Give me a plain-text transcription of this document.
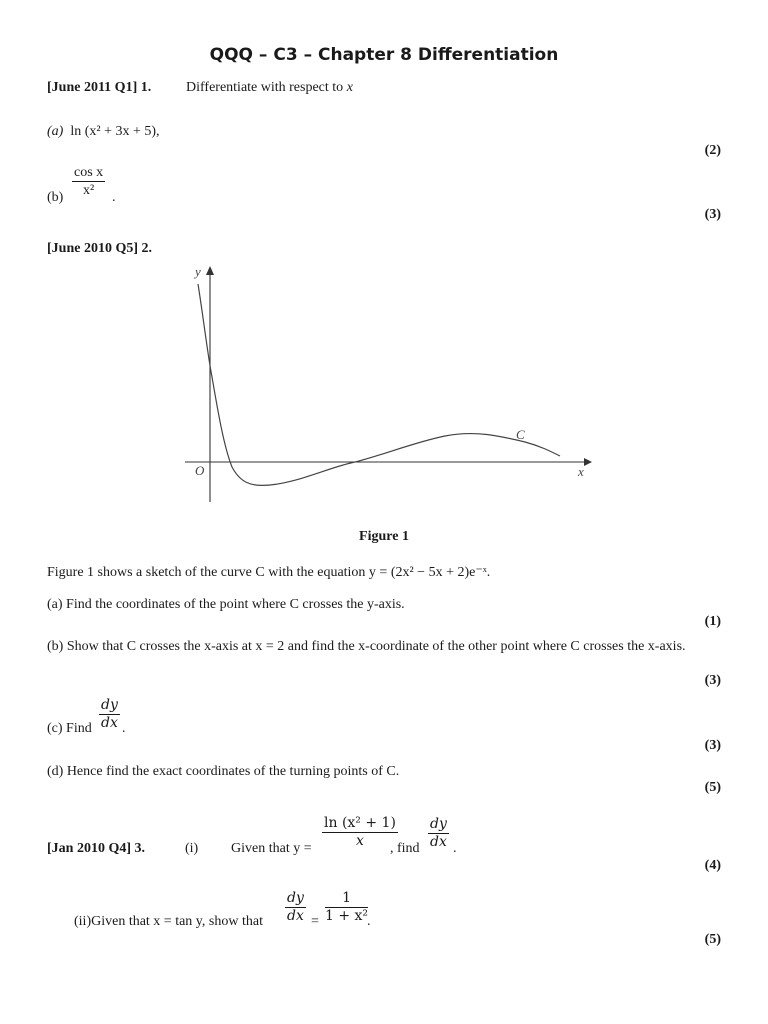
QQQ – C3 – Chapter 8 Differentiation
[June 2011 Q1] 1. Differentiate with respect to x
(a) ln (x² + 3x + 5),
(2)
$(b) \frac{\text{cos x}}{\text{x²}}$ .
(3)
[June 2010 Q5] 2.
y
x
O
C
Figure 1
Figure 1 shows a sketch of the curve C with the equation y = (2x² − 5x + 2)e⁻ˣ.
(a) Find the coordinates of the point where C crosses the y-axis.
(1)
(b) Show that C crosses the x-axis at x = 2 and find the x-coordinate of the other point where C crosses the x-axis.
(3)
(c) Find $\frac{dy}{dx}$ .
(3)
(d) Hence find the exact coordinates of the turning points of C.
(5)
[Jan 2010 Q4] 3.	(i) Given that $y = \frac{\text{ln (x² + 1)}}{x}$
, find $\frac{dy}{dx}$ .
(4)
(ii)Given that x = tan y, show that $\frac{dy}{dx} = \frac{1}{\text{1 + x²}}$
.
(5)
